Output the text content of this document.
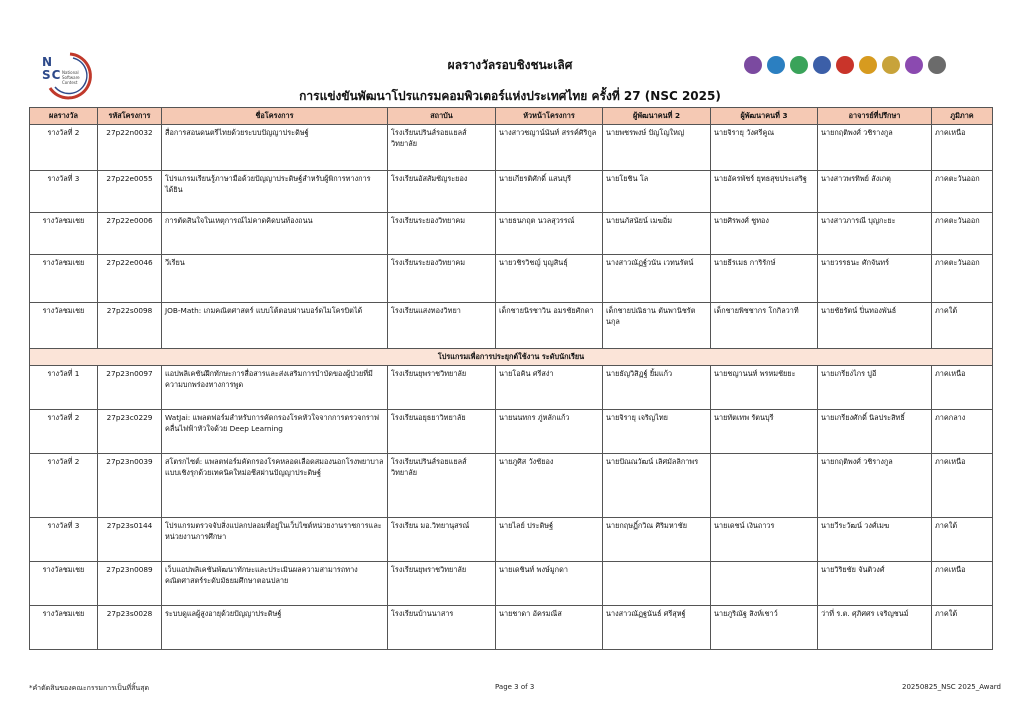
NSC National Software Contest
ผลรางวัลรอบชิงชนะเลิศ
การแข่งขันพัฒนาโปรแกรมคอมพิวเตอร์แห่งประเทศไทย ครั้งที่ 27 (NSC 2025)
ผลรางวัล	รหัสโครงการ	ชื่อโครงการ	สถาบัน	หัวหน้าโครงการ	ผู้พัฒนาคนที่ 2	ผู้พัฒนาคนที่ 3	อาจารย์ที่ปรึกษา	ภูมิภาค
รางวัลที่ 2	27p22n0032	สื่อการสอนดนตรีไทยด้วยระบบปัญญาประดิษฐ์	โรงเรียนปรินส์รอยแยลส์วิทยาลัย	นางสาวชญาน์นันท์ สรรค์ศิริกูล	นายพชรพงษ์ ปัญโญใหญ่	นายจิรายุ วังศรีคูณ	นายกฤติพงศ์ วชิรางกูล	ภาคเหนือ
รางวัลที่ 3	27p22e0055	โปรแกรมเรียนรู้ภาษามือด้วยปัญญาประดิษฐ์สำหรับผู้พิการทางการได้ยิน	โรงเรียนอัสสัมชัญระยอง	นายเกียรติศักดิ์ แสนบุรี	นายโยชิน โล	นายอัครพัชร์ ยุทธสุขประเสริฐ	นางสาวพรทิพย์ สังเกตุ	ภาคตะวันออก
รางวัลชมเชย	27p22e0006	การตัดสินใจในเหตุการณ์ไม่คาดคิดบนท้องถนน	โรงเรียนระยองวิทยาคม	นายธนกฤต นวลสุวรรณ์	นายนภัสนัยน์ เมฆอิ่ม	นายศิรพงศ์ ชูทอง	นางสาวภารณี บุญกะยะ	ภาคตะวันออก
รางวัลชมเชย	27p22e0046	วีเรียน	โรงเรียนระยองวิทยาคม	นายวชิรวิชญ์ บุญสินธุ์	นางสาวณัฏฐ์วนัน เวทนรัตน์	นายธีรเมธ การิรักษ์	นายวรรธนะ ศักจันทร์	ภาคตะวันออก
รางวัลชมเชย	27p22s0098	JOB-Math: เกมคณิตศาสตร์ แบบโต้ตอบผ่านบอร์ดไมโครบิตได้	โรงเรียนแสงทองวิทยา	เด็กชายนิรชาวิน อมรชัยศักดา	เด็กชายปณิธาน ตันพานิชรัตนกุล	เด็กชายพิชชากร โกกิลวาที	นายชัยรัตน์ ปิ่นทองพันธ์	ภาคใต้
โปรแกรมเพื่อการประยุกต์ใช้งาน ระดับนักเรียน								
รางวัลที่ 1	27p23n0097	แอปพลิเคชันฝึกทักษะการสื่อสารและส่งเสริมการบำบัดของผู้ป่วยที่มีความบกพร่องทางการพูด	โรงเรียนยุพราชวิทยาลัย	นายโอคิน ศรีสง่า	นายธัญวิสิฏฐ์ ยิ้มแก้ว	นายชญานนท์ พรหมชัยยะ	นายเกรียงไกร บู่อี	ภาคเหนือ
รางวัลที่ 2	27p23c0229	WatJai: แพลตฟอร์มสำหรับการคัดกรองโรคหัวใจจากการตรวจกราฟคลื่นไฟฟ้าหัวใจด้วย Deep Learning	โรงเรียนอยุธยาวิทยาลัย	นายนนทกร ภู่หลักแก้ว	นายจิรายุ เจริญไทย	นายทัตเทพ รัตนบุรี	นายเกรียงศักดิ์ นิลประสิทธิ์	ภาคกลาง
รางวัลที่ 2	27p23n0039	สโตรกไซต์: แพลตฟอร์มคัดกรองโรคหลอดเลือดสมองนอกโรงพยาบาลแบบเชิงรุกด้วยเทคนิคใหม่อชีสผ่านปัญญาประดิษฐ์	โรงเรียนปรินส์รอยแยลส์วิทยาลัย	นายภูศิส วังชัยอง	นายปัณณวัฒน์ เลิศมัลลิกาพร		นายกฤติพงศ์ วชิรางกูล	ภาคเหนือ
รางวัลที่ 3	27p23s0144	โปรแกรมตรวจจับสิ่งแปลกปลอมที่อยู่ในเว็บไซต์หน่วยงานราชการและหน่วยงานการศึกษา	โรงเรียน มอ.วิทยานุสรณ์	นายไลย์ ประดิษฐ์	นายกฤษฏิ์กวิณ ศิริมหาชัย	นายเดชน์ เงินถาวร	นายวีระวัฒน์ วงศ์เมฆ	ภาคใต้
รางวัลชมเชย	27p23n0089	เว็บแอปพลิเคชันพัฒนาทักษะและประเมินผลความสามารถทางคณิตศาสตร์ระดับมัธยมศึกษาตอนปลาย	โรงเรียนยุพราชวิทยาลัย	นายเดชินท์ พงษ์มูกดา			นายวิริยชัย จันติวงศ์	ภาคเหนือ
รางวัลชมเชย	27p23s0028	ระบบดูแลผู้สูงอายุด้วยปัญญาประดิษฐ์	โรงเรียนบ้านนาสาร	นายชาดา อัครมณีส	นางสาวณัฏฐนันธ์ ศรีสุหฐ์	นายภูริณัฐ สิงห์เชาว์	ว่าที่ ร.ต. ศุภิศศร เจริญชนม์	ภาคใต้
*คำตัดสินของคณะกรรมการเป็นที่สิ้นสุด	Page 3 of 3	20250825_NSC 2025_Award
